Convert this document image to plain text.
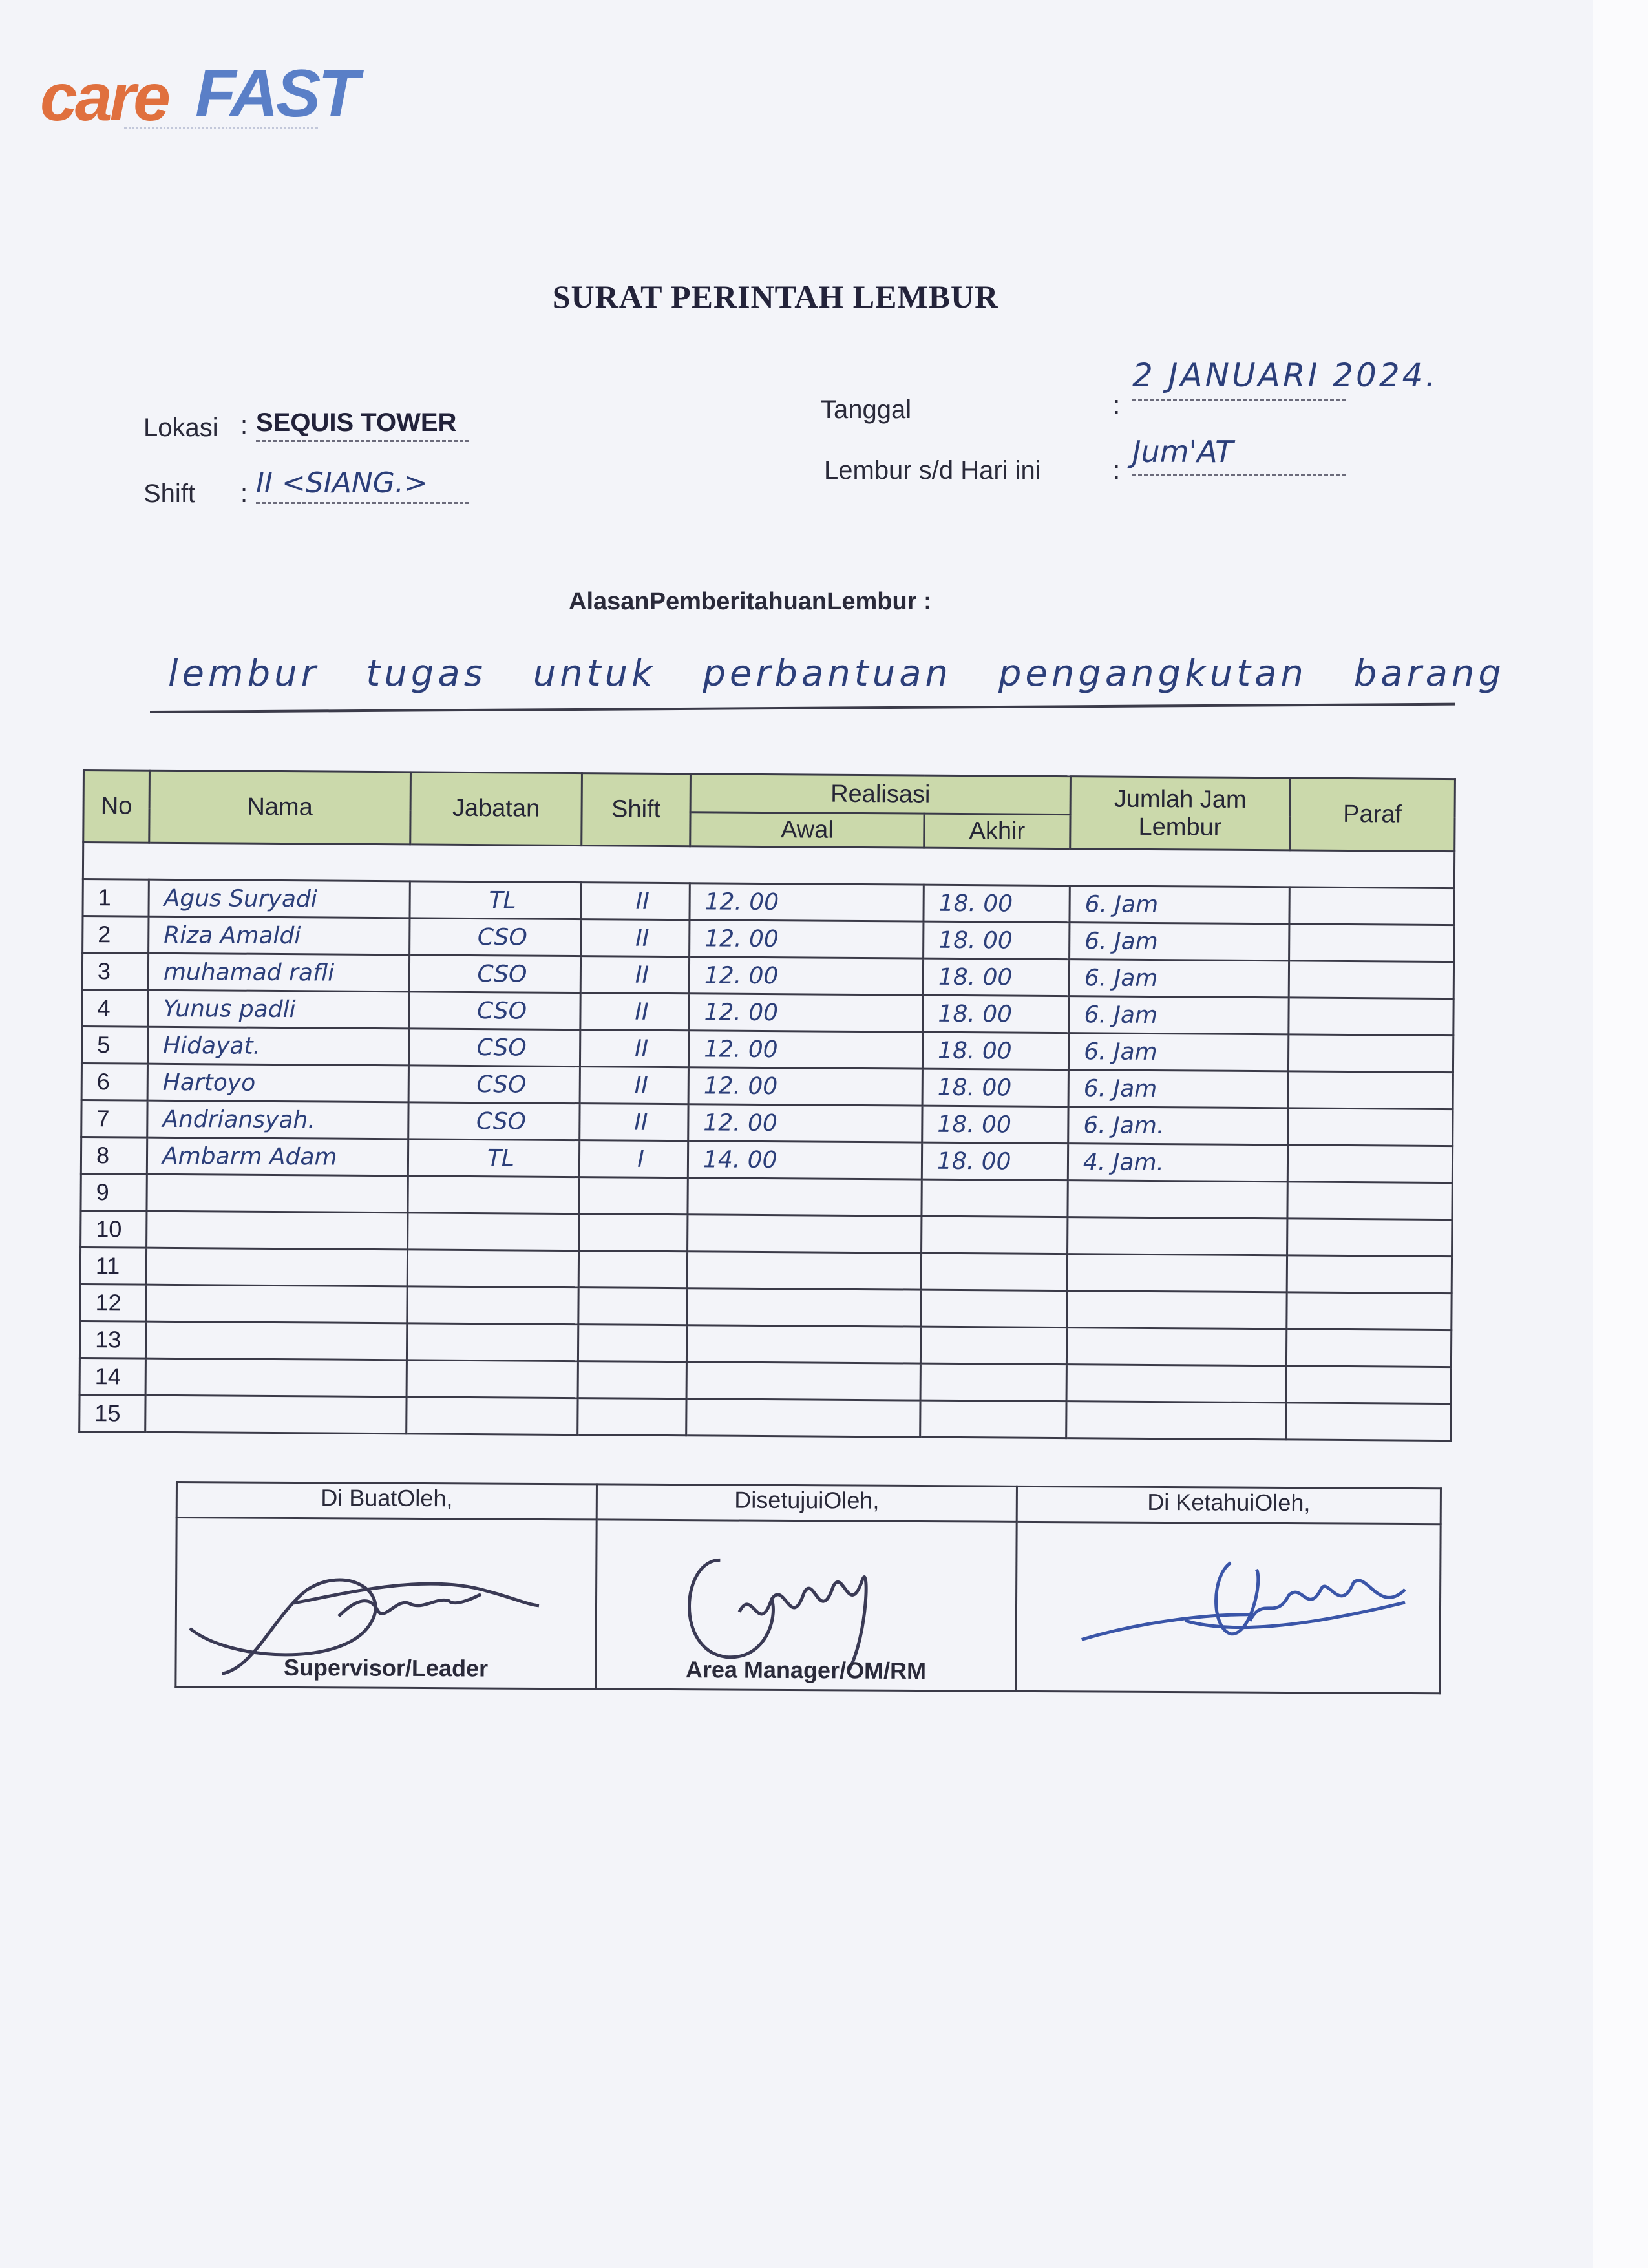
care FAST
SURAT PERINTAH LEMBUR
Lokasi : SEQUIS TOWER
Shift : II <SIANG.>
Tanggal	:
2 JANUARI 2024.
Lembur s/d Hari ini	:
Jum'AT
AlasanPemberitahuanLembur :
lembur tugas untuk perbantuan pengangkutan barang
No	Nama	Jabatan	Shift	Realisasi		Jumlah Jam Lembur	Paraf
				Awal	Akhir		

1	Agus Suryadi	TL	II	12. 00	18. 00	6. Jam	
2	Riza Amaldi	CSO	II	12. 00	18. 00	6. Jam	
3	muhamad rafli	CSO	II	12. 00	18. 00	6. Jam	
4	Yunus padli	CSO	II	12. 00	18. 00	6. Jam	
5	Hidayat.	CSO	II	12. 00	18. 00	6. Jam	
6	Hartoyo	CSO	II	12. 00	18. 00	6. Jam	
7	Andriansyah.	CSO	II	12. 00	18. 00	6. Jam.	
8	Ambarm Adam	TL	I	14. 00	18. 00	4. Jam.	
9							
10							
11							
12							
13							
14							
15							
Di BuatOleh,	DisetujuiOleh,	Di KetahuiOleh,

Supervisor/Leader	Area Manager/OM/RM	
